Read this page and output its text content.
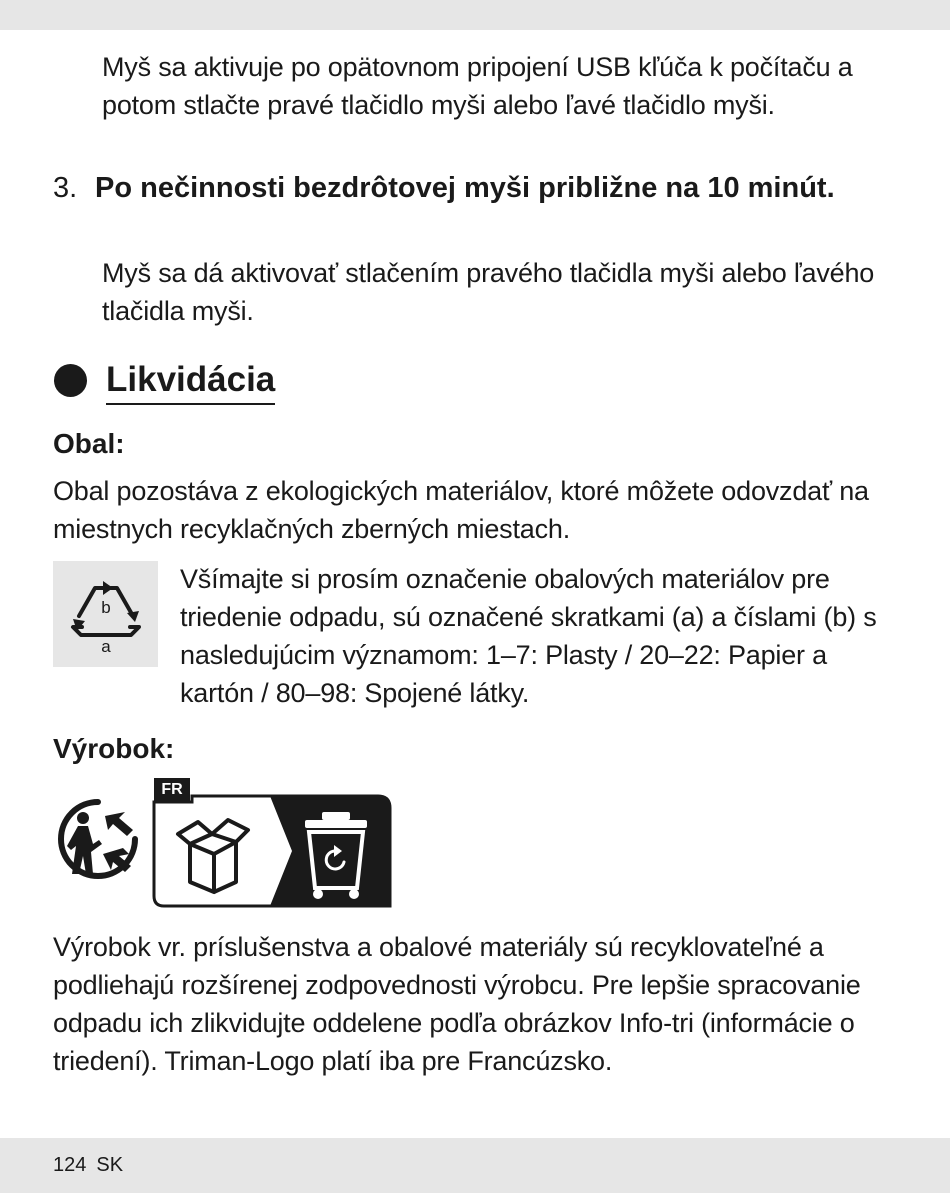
Myš sa aktivuje po opätovnom pripojení USB kľúča k počítaču a potom stlačte pravé tlačidlo myši alebo ľavé tlačidlo myši.
3. Po nečinnosti bezdrôtovej myši približne na 10 minút.
Myš sa dá aktivovať stlačením pravého tlačidla myši alebo ľavého tlačidla myši.
Likvidácia
Obal:
Obal pozostáva z ekologických materiálov, ktoré môžete odovzdať na miestnych recyklačných zberných miestach.
b
a
Všímajte si prosím označenie obalových materiálov pre triedenie odpadu, sú označené skratkami (a) a číslami (b) s nasledujúcim významom: 1–7: Plasty / 20–22: Papier a kartón / 80–98: Spojené látky.
Výrobok:
FR
Výrobok vr. príslušenstva a obalové materiály sú recyklovateľné a podliehajú rozšírenej zodpovednosti výrobcu. Pre lepšie spracovanie odpadu ich zlikvidujte oddelene podľa obrázkov Info-tri (informácie o triedení). Triman-Logo platí iba pre Francúzsko.
124 SK
